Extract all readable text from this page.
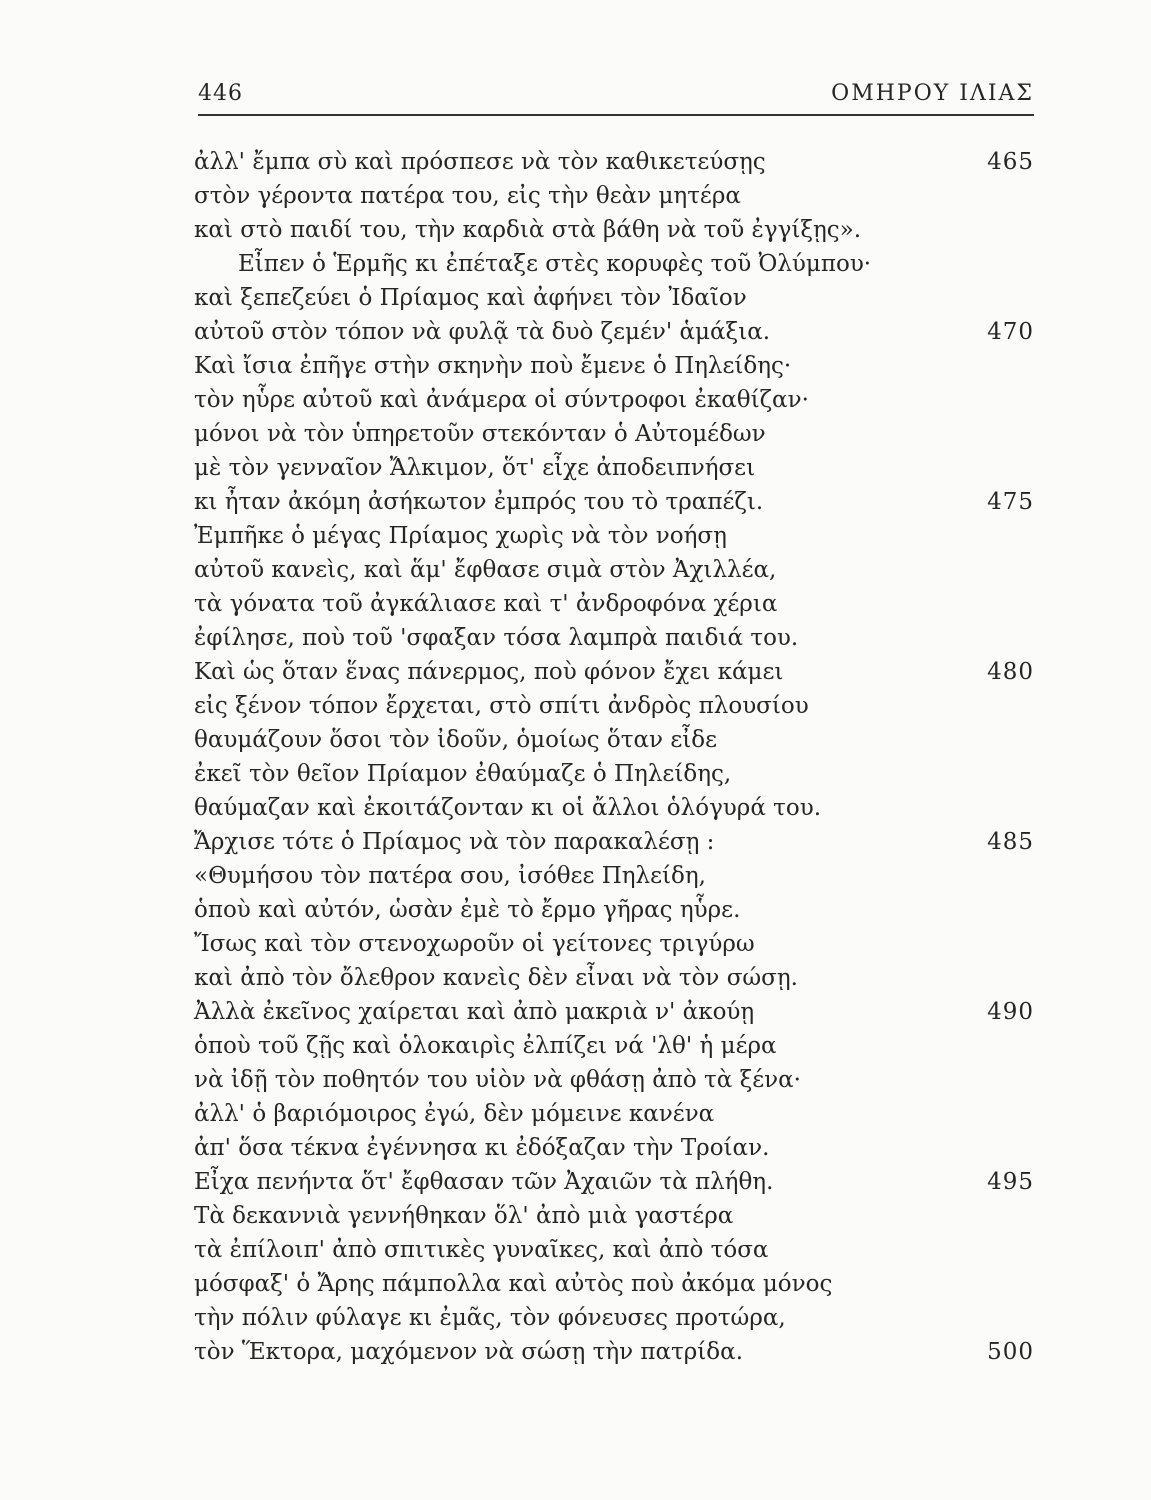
446	ΟΜΗΡΟΥ ΙΛΙΑΣ
ἀλλ' ἔμπα σὺ καὶ πρόσπεσε νὰ τὸν καθικετεύσῃς	465
στὸν γέροντα πατέρα του, εἰς τὴν θεὰν μητέρα
καὶ στὸ παιδί του, τὴν καρδιὰ στὰ βάθη νὰ τοῦ ἐγγίξῃς».
Εἶπεν ὁ Ἑρμῆς κι ἐπέταξε στὲς κορυφὲς τοῦ Ὀλύμπου·
καὶ ξεπεζεύει ὁ Πρίαμος καὶ ἀφήνει τὸν Ἰδαῖον
αὐτοῦ στὸν τόπον νὰ φυλᾷ τὰ δυὸ ζεμέν' ἁμάξια.	470
Καὶ ἴσια ἐπῆγε στὴν σκηνὴν ποὺ ἔμενε ὁ Πηλείδης·
τὸν ηὗρε αὐτοῦ καὶ ἀνάμερα οἱ σύντροφοι ἐκαθίζαν·
μόνοι νὰ τὸν ὑπηρετοῦν στεκόνταν ὁ Αὐτομέδων
μὲ τὸν γενναῖον Ἄλκιμον, ὅτ' εἶχε ἀποδειπνήσει
κι ἦταν ἀκόμη ἀσήκωτον ἐμπρός του τὸ τραπέζι.	475
Ἐμπῆκε ὁ μέγας Πρίαμος χωρὶς νὰ τὸν νοήσῃ
αὐτοῦ κανεὶς, καὶ ἅμ' ἔφθασε σιμὰ στὸν Ἀχιλλέα,
τὰ γόνατα τοῦ ἀγκάλιασε καὶ τ' ἀνδροφόνα χέρια
ἐφίλησε, ποὺ τοῦ 'σφαξαν τόσα λαμπρὰ παιδιά του.
Καὶ ὡς ὅταν ἕνας πάνερμος, ποὺ φόνον ἔχει κάμει	480
εἰς ξένον τόπον ἔρχεται, στὸ σπίτι ἀνδρὸς πλουσίου
θαυμάζουν ὅσοι τὸν ἰδοῦν, ὁμοίως ὅταν εἶδε
ἐκεῖ τὸν θεῖον Πρίαμον ἐθαύμαζε ὁ Πηλείδης,
θαύμαζαν καὶ ἐκοιτάζονταν κι οἱ ἄλλοι ὁλόγυρά του.
Ἄρχισε τότε ὁ Πρίαμος νὰ τὸν παρακαλέσῃ :	485
«Θυμήσου τὸν πατέρα σου, ἰσόθεε Πηλείδη,
ὁποὺ καὶ αὐτόν, ὡσὰν ἐμὲ τὸ ἔρμο γῆρας ηὗρε.
Ἴσως καὶ τὸν στενοχωροῦν οἱ γείτονες τριγύρω
καὶ ἀπὸ τὸν ὄλεθρον κανεὶς δὲν εἶναι νὰ τὸν σώσῃ.
Ἀλλὰ ἐκεῖνος χαίρεται καὶ ἀπὸ μακριὰ ν' ἀκούῃ	490
ὁποὺ τοῦ ζῇς καὶ ὁλοκαιρὶς ἐλπίζει νά 'λθ' ἡ μέρα
νὰ ἰδῇ τὸν ποθητόν του υἱὸν νὰ φθάσῃ ἀπὸ τὰ ξένα·
ἀλλ' ὁ βαριόμοιρος ἐγώ, δὲν μόμεινε κανένα
ἀπ' ὅσα τέκνα ἐγέννησα κι ἐδόξαζαν τὴν Τροίαν.
Εἶχα πενήντα ὅτ' ἔφθασαν τῶν Ἀχαιῶν τὰ πλήθη.	495
Τὰ δεκαννιὰ γεννήθηκαν ὅλ' ἀπὸ μιὰ γαστέρα
τὰ ἐπίλοιπ' ἀπὸ σπιτικὲς γυναῖκες, καὶ ἀπὸ τόσα
μόσφαξ' ὁ Ἄρης πάμπολλα καὶ αὐτὸς ποὺ ἀκόμα μόνος
τὴν πόλιν φύλαγε κι ἐμᾶς, τὸν φόνευσες προτώρα,
τὸν Ἕκτορα, μαχόμενον νὰ σώσῃ τὴν πατρίδα.	500
